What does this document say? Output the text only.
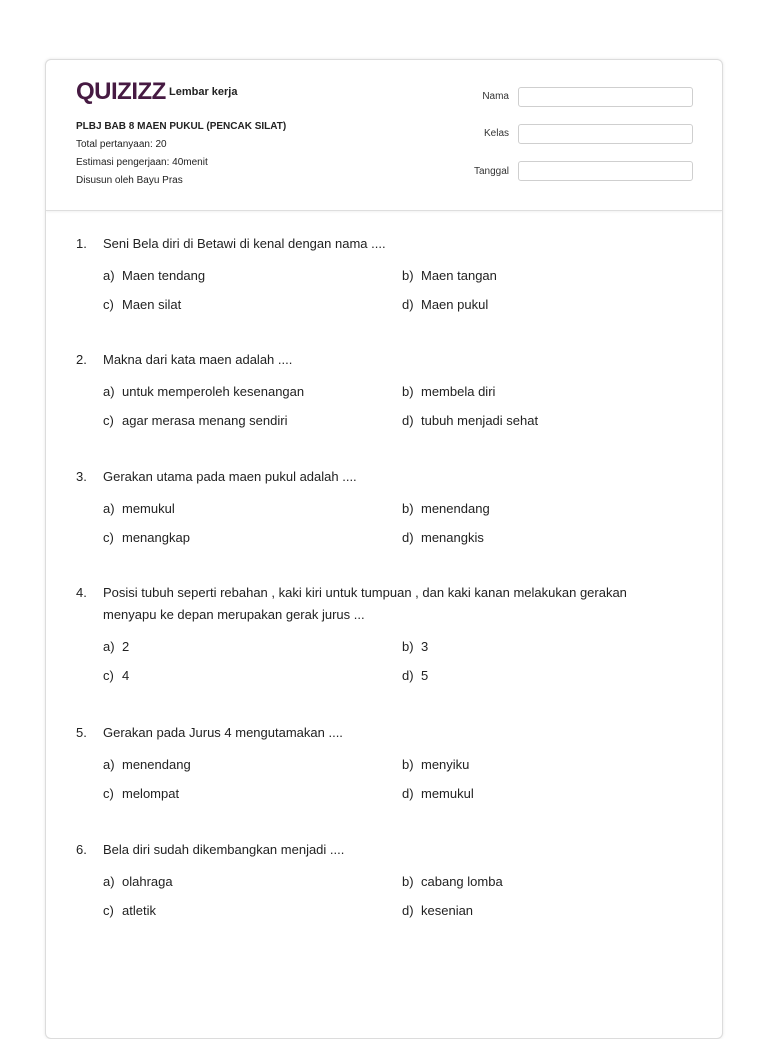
QUIZIZZ Lembar kerja
PLBJ BAB 8 MAEN PUKUL (PENCAK SILAT)
Total pertanyaan: 20
Estimasi pengerjaan: 40menit
Disusun oleh Bayu Pras
Nama
Kelas
Tanggal
1.	Seni Bela diri di Betawi di kenal dengan nama ....
a) Maen tendang	b) Maen tangan
c) Maen silat	d) Maen pukul
2.	Makna dari kata maen adalah ....
a) untuk memperoleh kesenangan	b) membela diri
c) agar merasa menang sendiri	d) tubuh menjadi sehat
3.	Gerakan utama pada maen pukul adalah ....
a) memukul	b) menendang
c) menangkap	d) menangkis
4.	Posisi tubuh seperti rebahan , kaki kiri untuk tumpuan , dan kaki kanan melakukan gerakan menyapu ke depan merupakan gerak jurus ...
a) 2	b) 3
c) 4	d) 5
5.	Gerakan pada Jurus 4 mengutamakan ....
a) menendang	b) menyiku
c) melompat	d) memukul
6.	Bela diri sudah dikembangkan menjadi ....
a) olahraga	b) cabang lomba
c) atletik	d) kesenian
